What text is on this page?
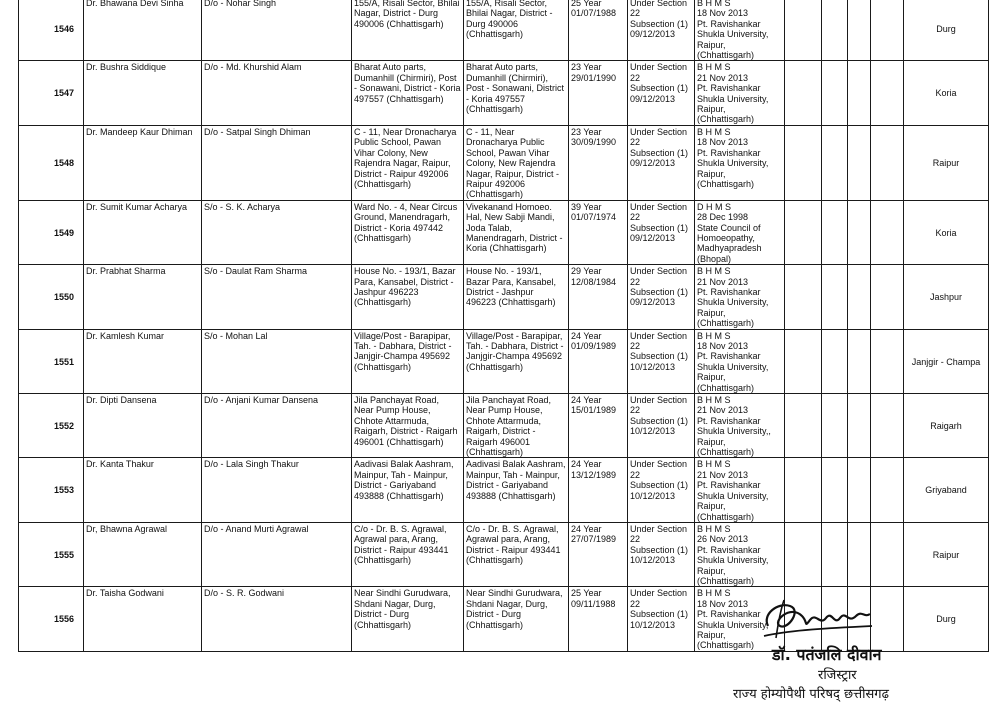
1546	Dr. Bhawana Devi Sinha	D/o - Nohar Singh	155/A, Risali Sector, Bhilai Nagar, District - Durg 490006 (Chhattisgarh)	155/A, Risali Sector, Bhilai Nagar, District - Durg 490006 (Chhattisgarh)	25 Year
01/07/1988	Under Section 22
Subsection (1)
09/12/2013	B H M S
18 Nov 2013
Pt. Ravishankar Shukla University, Raipur, (Chhattisgarh)					Durg
1547	Dr. Bushra Siddique	D/o - Md. Khurshid Alam	Bharat Auto parts, Dumanhill (Chirmiri), Post - Sonawani, District - Koria 497557 (Chhattisgarh)	Bharat Auto parts, Dumanhill (Chirmiri), Post - Sonawani, District - Koria 497557 (Chhattisgarh)	23 Year
29/01/1990	Under Section 22
Subsection (1)
09/12/2013	B H M S
21 Nov 2013
Pt. Ravishankar Shukla University, Raipur, (Chhattisgarh)					Koria
1548	Dr. Mandeep Kaur Dhiman	D/o - Satpal Singh Dhiman	C - 11, Near Dronacharya Public School, Pawan Vihar Colony, New Rajendra Nagar, Raipur, District - Raipur 492006 (Chhattisgarh)	C - 11, Near Dronacharya Public School, Pawan Vihar Colony, New Rajendra Nagar, Raipur, District - Raipur 492006 (Chhattisgarh)	23 Year
30/09/1990	Under Section 22
Subsection (1)
09/12/2013	B H M S
18 Nov 2013
Pt. Ravishankar Shukla University, Raipur, (Chhattisgarh)					Raipur
1549	Dr. Sumit Kumar Acharya	S/o - S. K. Acharya	Ward No. - 4, Near Circus Ground, Manendragarh, District - Koria 497442 (Chhattisgarh)	Vivekanand Homoeo. Hal, New Sabji Mandi, Joda Talab, Manendragarh, District - Koria (Chhattisgarh)	39 Year
01/07/1974	Under Section 22
Subsection (1)
09/12/2013	D H M S
28 Dec 1998
State Council of Homoeopathy, Madhyapradesh (Bhopal)					Koria
1550	Dr. Prabhat Sharma	S/o - Daulat Ram Sharma	House No. - 193/1, Bazar Para, Kansabel, District - Jashpur 496223 (Chhattisgarh)	House No. - 193/1, Bazar Para, Kansabel, District - Jashpur 496223 (Chhattisgarh)	29 Year
12/08/1984	Under Section 22
Subsection (1)
09/12/2013	B H M S
21 Nov 2013
Pt. Ravishankar Shukla University, Raipur, (Chhattisgarh)					Jashpur
1551	Dr. Kamlesh Kumar	S/o - Mohan Lal	Village/Post - Barapipar, Tah. - Dabhara, District - Janjgir-Champa 495692 (Chhattisgarh)	Village/Post - Barapipar, Tah. - Dabhara, District - Janjgir-Champa 495692 (Chhattisgarh)	24 Year
01/09/1989	Under Section 22
Subsection (1)
10/12/2013	B H M S
18 Nov 2013
Pt. Ravishankar Shukla University, Raipur, (Chhattisgarh)					Janjgir - Champa
1552	Dr. Dipti Dansena	D/o - Anjani Kumar Dansena	Jila Panchayat Road, Near Pump House, Chhote Attarmuda, Raigarh, District - Raigarh 496001 (Chhattisgarh)	Jila Panchayat Road, Near Pump House, Chhote Attarmuda, Raigarh, District - Raigarh 496001 (Chhattisgarh)	24 Year
15/01/1989	Under Section 22
Subsection (1)
10/12/2013	B H M S
21 Nov 2013
Pt. Ravishankar Shukla University,, Raipur, (Chhattisgarh)					Raigarh
1553	Dr. Kanta Thakur	D/o - Lala Singh Thakur	Aadivasi Balak Aashram, Mainpur, Tah - Mainpur, District - Gariyaband 493888 (Chhattisgarh)	Aadivasi Balak Aashram, Mainpur, Tah - Mainpur, District - Gariyaband 493888 (Chhattisgarh)	24 Year
13/12/1989	Under Section 22
Subsection (1)
10/12/2013	B H M S
21 Nov 2013
Pt. Ravishankar Shukla University, Raipur, (Chhattisgarh)					Griyaband
1555	Dr, Bhawna Agrawal	D/o - Anand Murti Agrawal	C/o - Dr. B. S. Agrawal, Agrawal para, Arang, District - Raipur 493441 (Chhattisgarh)	C/o - Dr. B. S. Agrawal, Agrawal para, Arang, District - Raipur 493441 (Chhattisgarh)	24 Year
27/07/1989	Under Section 22
Subsection (1)
10/12/2013	B H M S
26 Nov 2013
Pt. Ravishankar Shukla University, Raipur, (Chhattisgarh)					Raipur
1556	Dr. Taisha Godwani	D/o - S. R. Godwani	Near Sindhi Gurudwara, Shdani Nagar, Durg, District - Durg (Chhattisgarh)	Near Sindhi Gurudwara, Shdani Nagar, Durg, District - Durg (Chhattisgarh)	25 Year
09/11/1988	Under Section 22
Subsection (1)
10/12/2013	B H M S
18 Nov 2013
Pt. Ravishankar Shukla University, Raipur, (Chhattisgarh)					Durg
डॉ. पतंजलि दीवान
रजिस्ट्रार
राज्य होम्योपैथी परिषद् छत्तीसगढ़
